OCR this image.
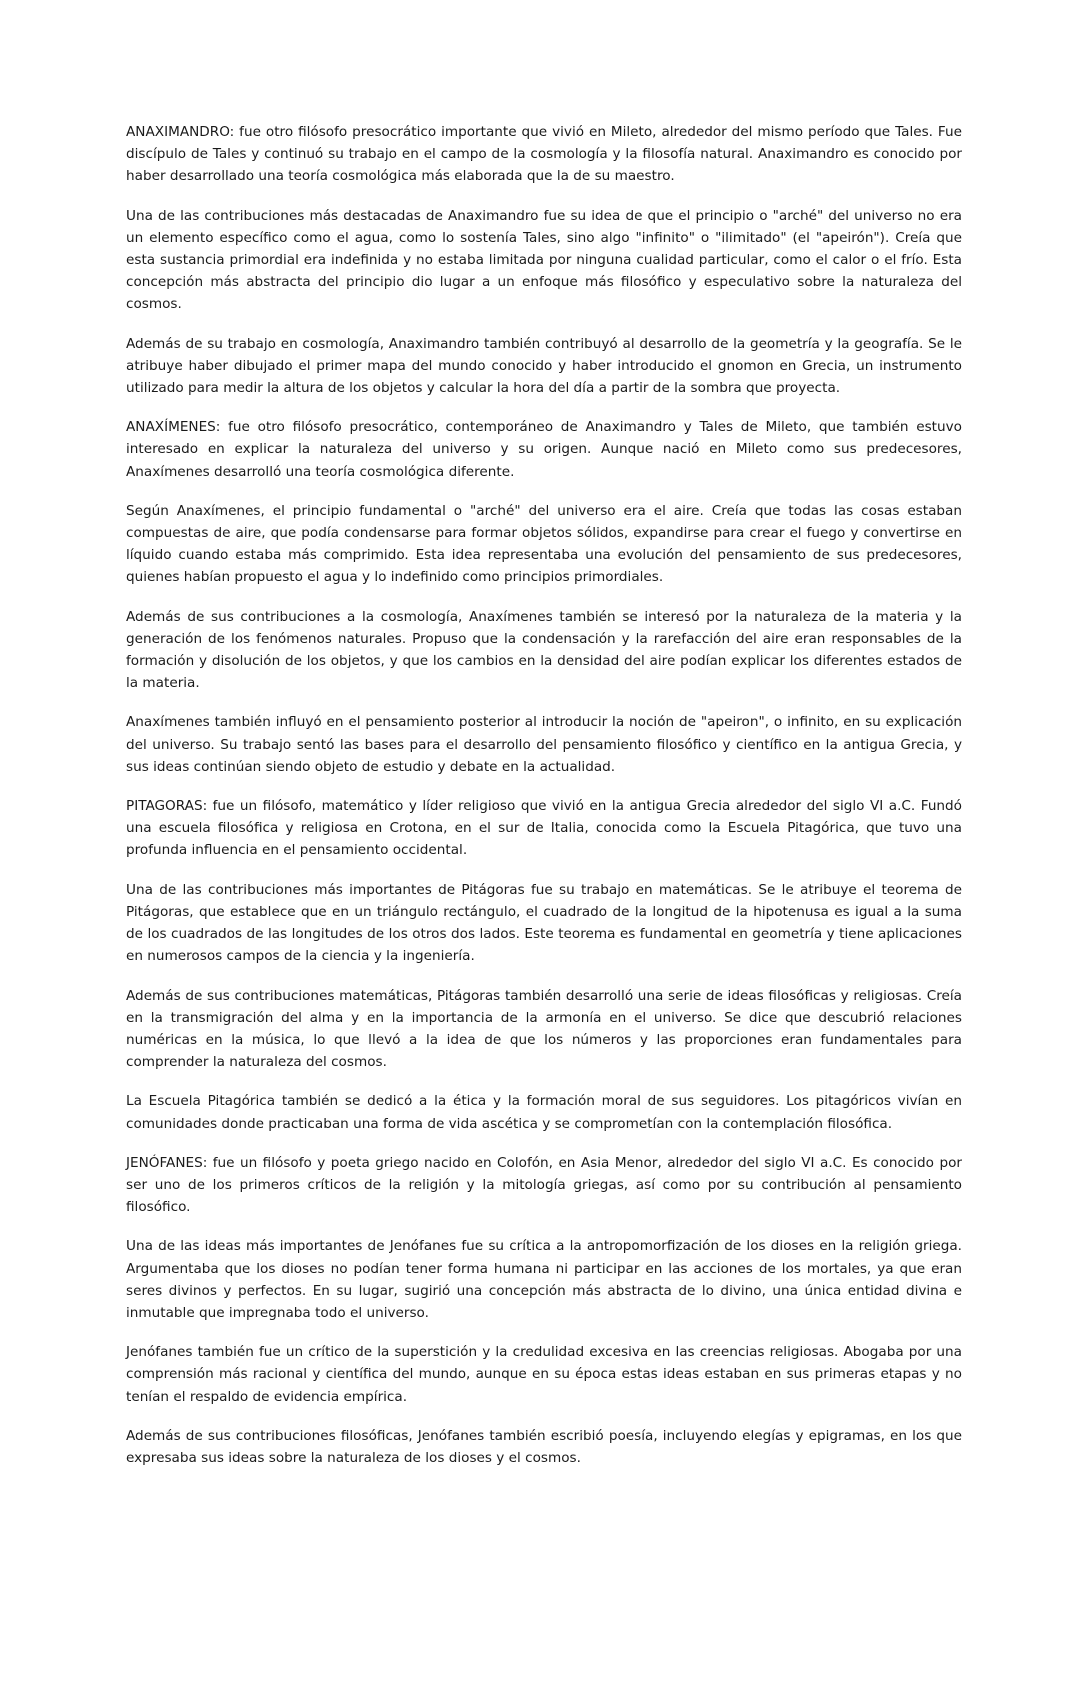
ANAXIMANDRO: fue otro filósofo presocrático importante que vivió en Mileto, alrededor del mismo período que Tales. Fue discípulo de Tales y continuó su trabajo en el campo de la cosmología y la filosofía natural. Anaximandro es conocido por haber desarrollado una teoría cosmológica más elaborada que la de su maestro.

Una de las contribuciones más destacadas de Anaximandro fue su idea de que el principio o "arché" del universo no era un elemento específico como el agua, como lo sostenía Tales, sino algo "infinito" o "ilimitado" (el "apeirón"). Creía que esta sustancia primordial era indefinida y no estaba limitada por ninguna cualidad particular, como el calor o el frío. Esta concepción más abstracta del principio dio lugar a un enfoque más filosófico y especulativo sobre la naturaleza del cosmos.

Además de su trabajo en cosmología, Anaximandro también contribuyó al desarrollo de la geometría y la geografía. Se le atribuye haber dibujado el primer mapa del mundo conocido y haber introducido el gnomon en Grecia, un instrumento utilizado para medir la altura de los objetos y calcular la hora del día a partir de la sombra que proyecta.

ANAXÍMENES: fue otro filósofo presocrático, contemporáneo de Anaximandro y Tales de Mileto, que también estuvo interesado en explicar la naturaleza del universo y su origen. Aunque nació en Mileto como sus predecesores, Anaxímenes desarrolló una teoría cosmológica diferente.

Según Anaxímenes, el principio fundamental o "arché" del universo era el aire. Creía que todas las cosas estaban compuestas de aire, que podía condensarse para formar objetos sólidos, expandirse para crear el fuego y convertirse en líquido cuando estaba más comprimido. Esta idea representaba una evolución del pensamiento de sus predecesores, quienes habían propuesto el agua y lo indefinido como principios primordiales.

Además de sus contribuciones a la cosmología, Anaxímenes también se interesó por la naturaleza de la materia y la generación de los fenómenos naturales. Propuso que la condensación y la rarefacción del aire eran responsables de la formación y disolución de los objetos, y que los cambios en la densidad del aire podían explicar los diferentes estados de la materia.

Anaxímenes también influyó en el pensamiento posterior al introducir la noción de "apeiron", o infinito, en su explicación del universo. Su trabajo sentó las bases para el desarrollo del pensamiento filosófico y científico en la antigua Grecia, y sus ideas continúan siendo objeto de estudio y debate en la actualidad.

PITAGORAS: fue un filósofo, matemático y líder religioso que vivió en la antigua Grecia alrededor del siglo VI a.C. Fundó una escuela filosófica y religiosa en Crotona, en el sur de Italia, conocida como la Escuela Pitagórica, que tuvo una profunda influencia en el pensamiento occidental.

Una de las contribuciones más importantes de Pitágoras fue su trabajo en matemáticas. Se le atribuye el teorema de Pitágoras, que establece que en un triángulo rectángulo, el cuadrado de la longitud de la hipotenusa es igual a la suma de los cuadrados de las longitudes de los otros dos lados. Este teorema es fundamental en geometría y tiene aplicaciones en numerosos campos de la ciencia y la ingeniería.

Además de sus contribuciones matemáticas, Pitágoras también desarrolló una serie de ideas filosóficas y religiosas. Creía en la transmigración del alma y en la importancia de la armonía en el universo. Se dice que descubrió relaciones numéricas en la música, lo que llevó a la idea de que los números y las proporciones eran fundamentales para comprender la naturaleza del cosmos.

La Escuela Pitagórica también se dedicó a la ética y la formación moral de sus seguidores. Los pitagóricos vivían en comunidades donde practicaban una forma de vida ascética y se comprometían con la contemplación filosófica.

JENÓFANES: fue un filósofo y poeta griego nacido en Colofón, en Asia Menor, alrededor del siglo VI a.C. Es conocido por ser uno de los primeros críticos de la religión y la mitología griegas, así como por su contribución al pensamiento filosófico.

Una de las ideas más importantes de Jenófanes fue su crítica a la antropomorfización de los dioses en la religión griega. Argumentaba que los dioses no podían tener forma humana ni participar en las acciones de los mortales, ya que eran seres divinos y perfectos. En su lugar, sugirió una concepción más abstracta de lo divino, una única entidad divina e inmutable que impregnaba todo el universo.

Jenófanes también fue un crítico de la superstición y la credulidad excesiva en las creencias religiosas. Abogaba por una comprensión más racional y científica del mundo, aunque en su época estas ideas estaban en sus primeras etapas y no tenían el respaldo de evidencia empírica.

Además de sus contribuciones filosóficas, Jenófanes también escribió poesía, incluyendo elegías y epigramas, en los que expresaba sus ideas sobre la naturaleza de los dioses y el cosmos.
